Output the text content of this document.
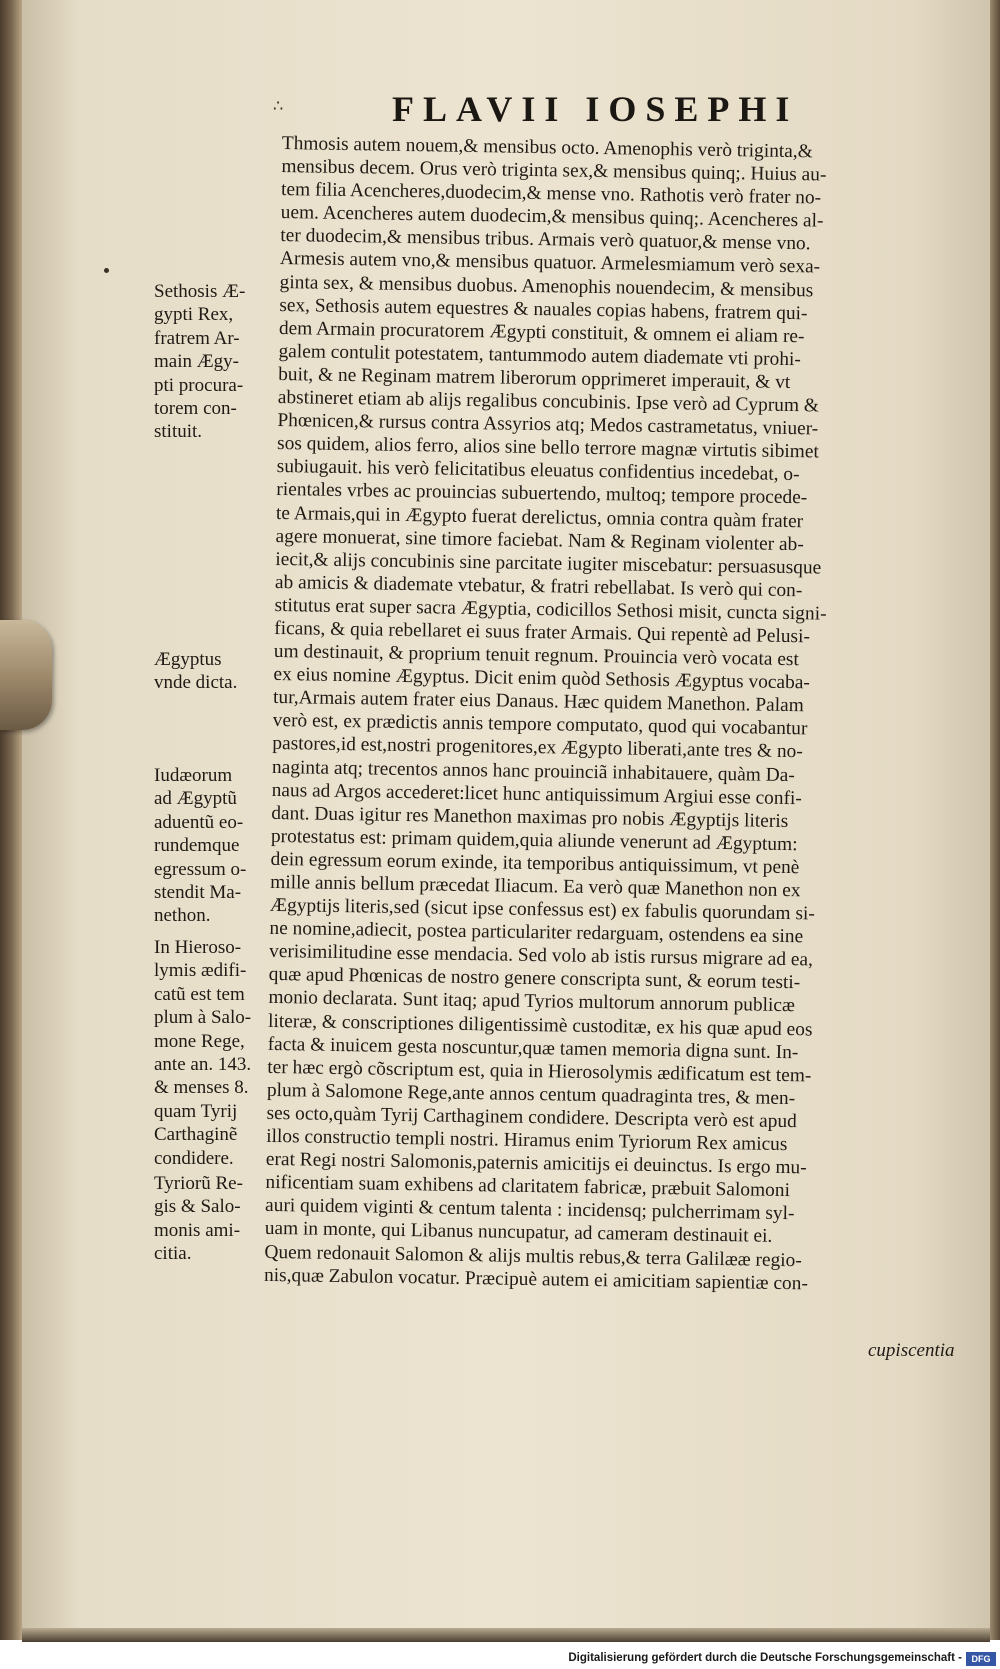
∴	FLAVII IOSEPHI
Thmosis autem nouem,& mensibus octo. Amenophis verò triginta,&
mensibus decem. Orus verò triginta sex,& mensibus quinq;. Huius au-
tem filia Acencheres,duodecim,& mense vno. Rathotis verò frater no-
uem. Acencheres autem duodecim,& mensibus quinq;. Acencheres al-
ter duodecim,& mensibus tribus. Armais verò quatuor,& mense vno.
Armesis autem vno,& mensibus quatuor. Armelesmiamum verò sexa-
ginta sex, & mensibus duobus. Amenophis nouendecim, & mensibus
sex, Sethosis autem equestres & nauales copias habens, fratrem qui-
dem Armain procuratorem Ægypti constituit, & omnem ei aliam re-
galem contulit potestatem, tantummodo autem diademate vti prohi-
buit, & ne Reginam matrem liberorum opprimeret imperauit, & vt
abstineret etiam ab alijs regalibus concubinis. Ipse verò ad Cyprum &
Phœnicen,& rursus contra Assyrios atq; Medos castrametatus, vniuer-
sos quidem, alios ferro, alios sine bello terrore magnæ virtutis sibimet
subiugauit. his verò felicitatibus eleuatus confidentius incedebat, o-
rientales vrbes ac prouincias subuertendo, multoq; tempore procede-
te Armais,qui in Ægypto fuerat derelictus, omnia contra quàm frater
agere monuerat, sine timore faciebat. Nam & Reginam violenter ab-
iecit,& alijs concubinis sine parcitate iugiter miscebatur: persuasusque
ab amicis & diademate vtebatur, & fratri rebellabat. Is verò qui con-
stitutus erat super sacra Ægyptia, codicillos Sethosi misit, cuncta signi-
ficans, & quia rebellaret ei suus frater Armais. Qui repentè ad Pelusi-
um destinauit, & proprium tenuit regnum. Prouincia verò vocata est
ex eius nomine Ægyptus. Dicit enim quòd Sethosis Ægyptus vocaba-
tur,Armais autem frater eius Danaus. Hæc quidem Manethon. Palam
verò est, ex prædictis annis tempore computato, quod qui vocabantur
pastores,id est,nostri progenitores,ex Ægypto liberati,ante tres & no-
naginta atq; trecentos annos hanc prouinciã inhabitauere, quàm Da-
naus ad Argos accederet:licet hunc antiquissimum Argiui esse confi-
dant. Duas igitur res Manethon maximas pro nobis Ægyptijs literis
protestatus est: primam quidem,quia aliunde venerunt ad Ægyptum:
dein egressum eorum exinde, ita temporibus antiquissimum, vt penè
mille annis bellum præcedat Iliacum. Ea verò quæ Manethon non ex
Ægyptijs literis,sed (sicut ipse confessus est) ex fabulis quorundam si-
ne nomine,adiecit, postea particulariter redarguam, ostendens ea sine
verisimilitudine esse mendacia. Sed volo ab istis rursus migrare ad ea,
quæ apud Phœnicas de nostro genere conscripta sunt, & eorum testi-
monio declarata. Sunt itaq; apud Tyrios multorum annorum publicæ
literæ, & conscriptiones diligentissimè custoditæ, ex his quæ apud eos
facta & inuicem gesta noscuntur,quæ tamen memoria digna sunt. In-
ter hæc ergò cõscriptum est, quia in Hierosolymis ædificatum est tem-
plum à Salomone Rege,ante annos centum quadraginta tres, & men-
ses octo,quàm Tyrij Carthaginem condidere. Descripta verò est apud
illos constructio templi nostri. Hiramus enim Tyriorum Rex amicus
erat Regi nostri Salomonis,paternis amicitijs ei deuinctus. Is ergo mu-
nificentiam suam exhibens ad claritatem fabricæ, præbuit Salomoni
auri quidem viginti & centum talenta : incidensq; pulcherrimam syl-
uam in monte, qui Libanus nuncupatur, ad cameram destinauit ei.
Quem redonauit Salomon & alijs multis rebus,& terra Galilææ regio-
nis,quæ Zabulon vocatur. Præcipuè autem ei amicitiam sapientiæ con-
cupiscentia
Sethosis Æ-
gypti Rex,
fratrem Ar-
main Ægy-
pti procura-
torem con-
stituit.
Ægyptus
vnde dicta.
Iudæorum
ad Ægyptũ
aduentũ eo-
rundemque
egressum o-
stendit Ma-
nethon.
In Hieroso-
lymis ædifi-
catũ est tem
plum à Salo-
mone Rege,
ante an. 143.
& menses 8.
quam Tyrij
Carthaginẽ
condidere.
Tyriorũ Re-
gis & Salo-
monis ami-
citia.
Digitalisierung gefördert durch die Deutsche Forschungsgemeinschaft -	DFG
